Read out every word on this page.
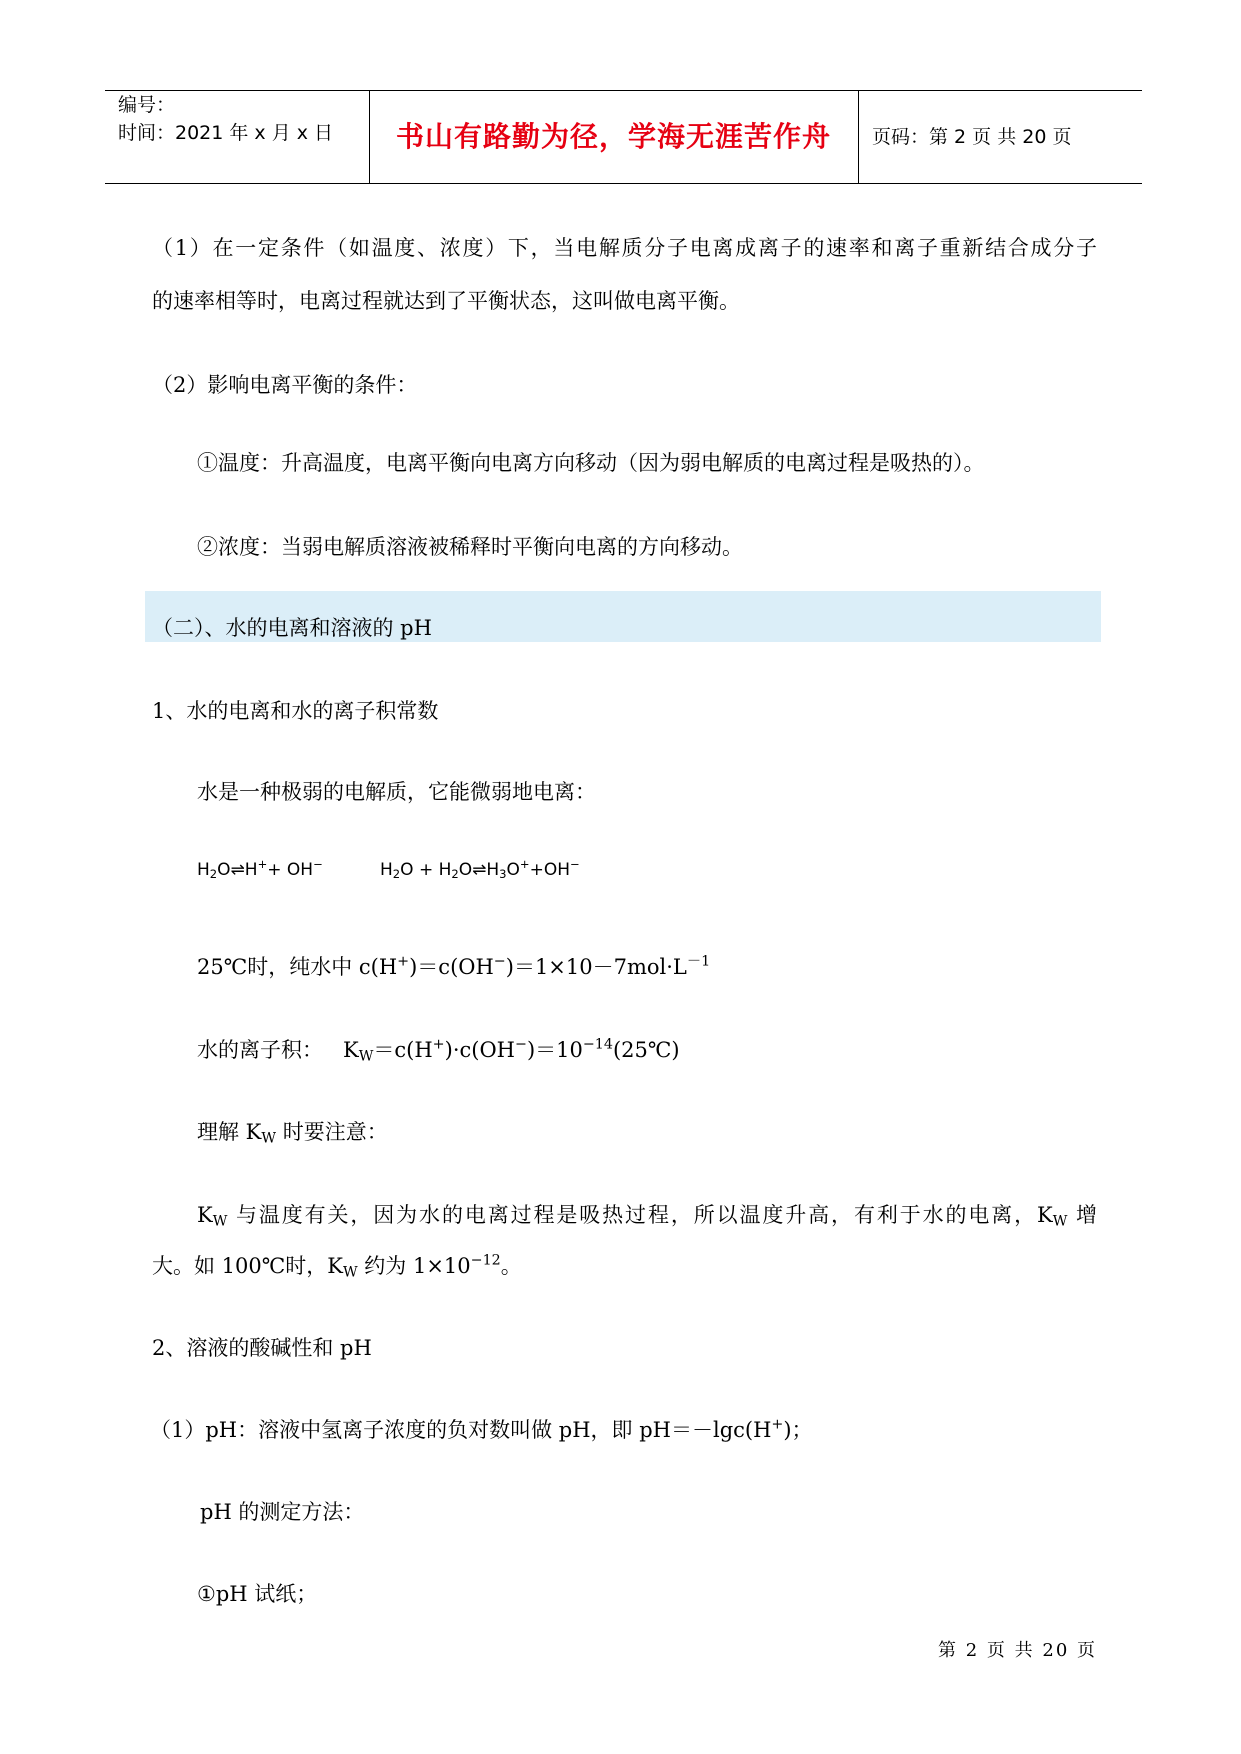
编号：
时间：2021 年 x 月 x 日	书山有路勤为径，学海无涯苦作舟	页码：第 2 页 共 20 页
（1）在一定条件（如温度、浓度）下，当电解质分子电离成离子的速率和离子重新结合成分子
的速率相等时，电离过程就达到了平衡状态，这叫做电离平衡。
（2）影响电离平衡的条件：
①温度：升高温度，电离平衡向电离方向移动（因为弱电解质的电离过程是吸热的）。
②浓度：当弱电解质溶液被稀释时平衡向电离的方向移动。
（二）、水的电离和溶液的 pH
1、水的电离和水的离子积常数
水是一种极弱的电解质，它能微弱地电离：
$H_2O\rightleftharpoons H^++ OH^-$	$H_2O$ + $H_2O\rightleftharpoons H_3O^++OH^-$
25℃时，纯水中 $c(H^+)=c(OH^-)=1\times 10-7mol\cdot L^{-1}$
水的离子积：   $K_W=c(H^+)\cdot c(OH^-)=10^{-14}(25℃)$
理解 $K_W$ 时要注意：
$K_W$ 与温度有关，因为水的电离过程是吸热过程，所以温度升高，有利于水的电离，$K_W$ 增
大。如 100℃时，$K_W$ 约为 $1\times 10^{-12}$。
2、溶液的酸碱性和 pH
（1）pH：溶液中氢离子浓度的负对数叫做 pH，即 pH＝－lgc(H+)；
pH 的测定方法：
①pH 试纸；
第 2 页 共 20 页
